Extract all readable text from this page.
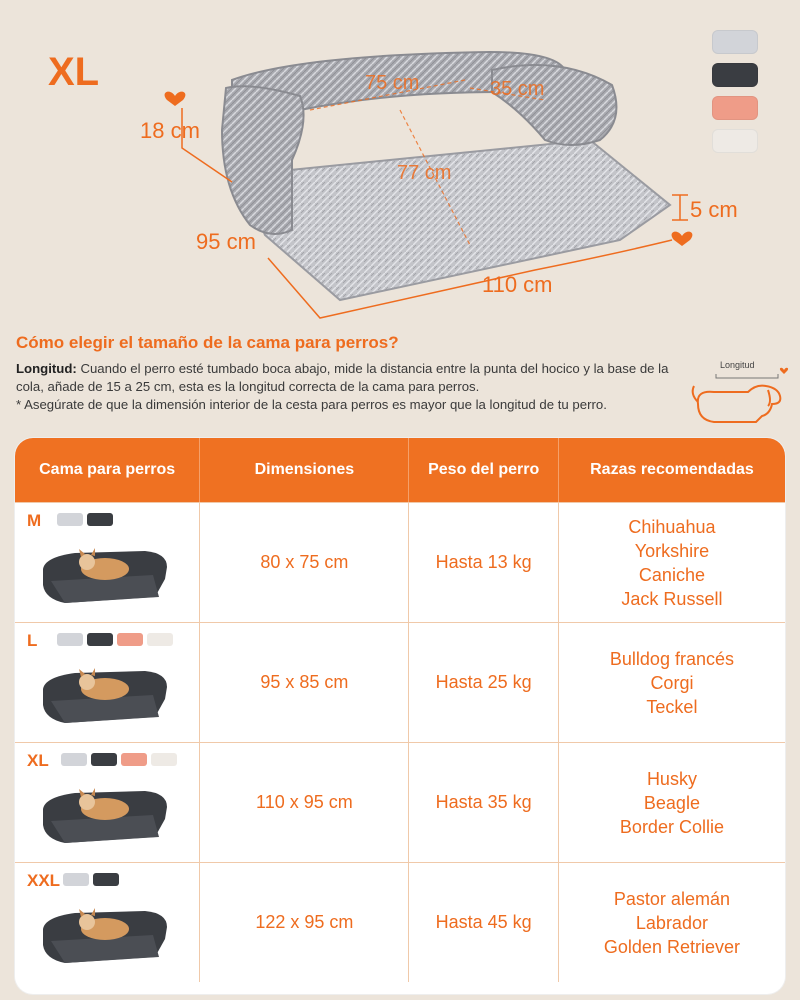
XL	75 cm	35 cm
77 cm
18 cm
5 cm
95 cm
110 cm
Cómo elegir el tamaño de la cama para perros?
Longitud: Cuando el perro esté tumbado boca abajo, mide la distancia entre la punta del hocico y la base de la cola, añade de 15 a 25 cm, esta es la longitud correcta de la cama para perros.
* Asegúrate de que la dimensión interior de la cesta para perros es mayor que la longitud de tu perro.
Longitud
Cama para perros	Dimensiones	Peso del perro	Razas recomendadas
M
80 x 75 cm	Hasta 13 kg
Chihuahua
Yorkshire
Caniche
Jack Russell
L
95 x 85 cm	Hasta 25 kg
Bulldog francés
Corgi
Teckel
XL
110 x 95 cm	Hasta 35 kg
Husky
Beagle
Border Collie
XXL
122 x 95 cm	Hasta 45 kg
Pastor alemán
Labrador
Golden Retriever
